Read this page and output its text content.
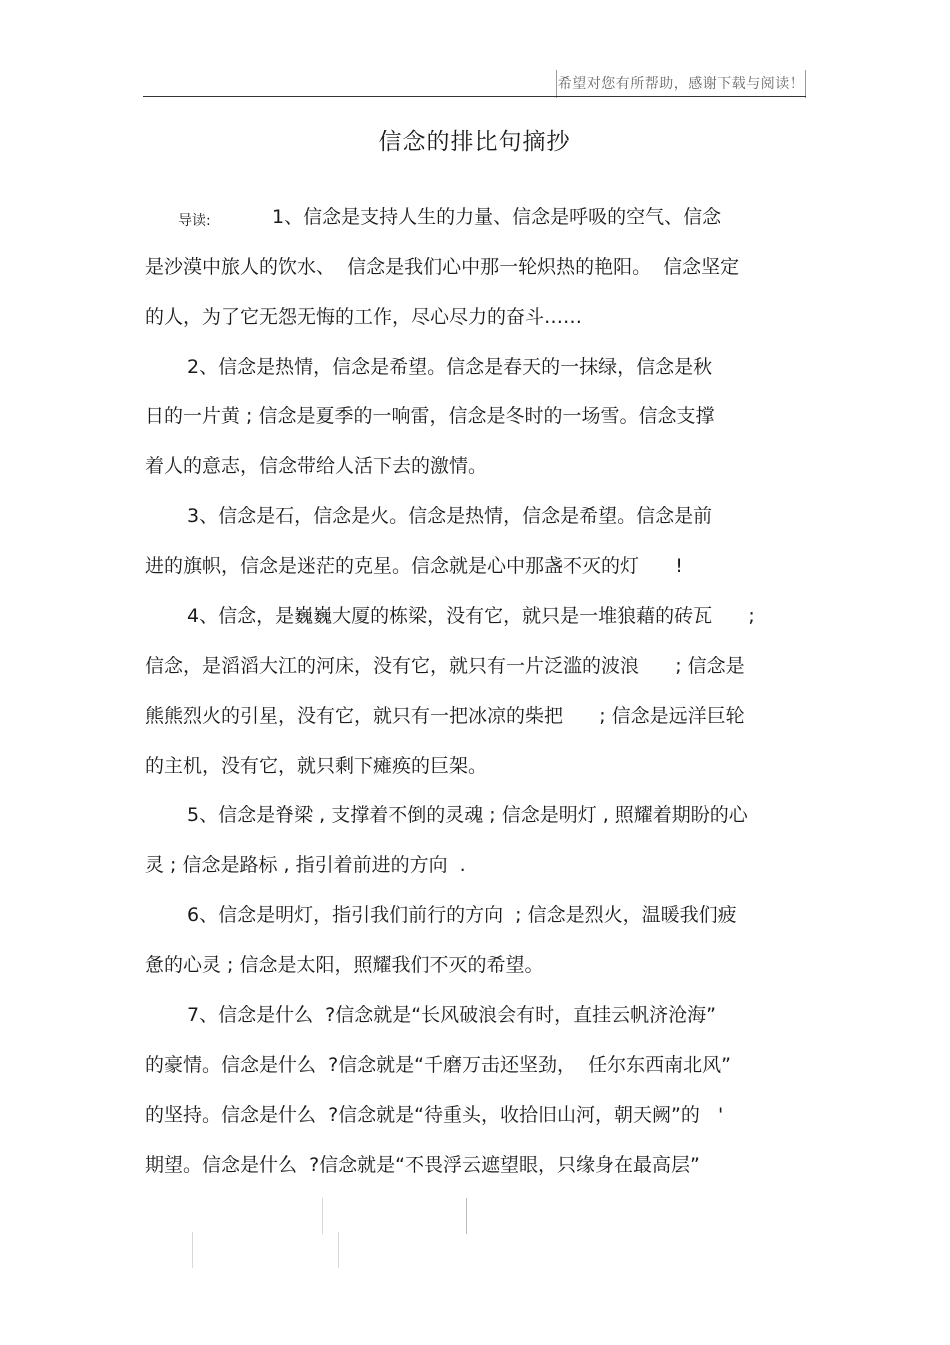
希望对您有所帮助，感谢下载与阅读！
信念的排比句摘抄
导读:	1、信念是支持人生的力量、信念是呼吸的空气、信念

是沙漠中旅人的饮水、  信念是我们心中那一轮炽热的艳阳。  信念坚定

的人，为了它无怨无悔的工作，尽心尽力的奋斗……

2、信念是热情，信念是希望。信念是春天的一抹绿，信念是秋

日的一片黄 ; 信念是夏季的一响雷，信念是冬时的一场雪。信念支撑

着人的意志，信念带给人活下去的激情。

3、信念是石，信念是火。信念是热情，信念是希望。信念是前

进的旗帜，信念是迷茫的克星。信念就是心中那盏不灭的灯      !

4、信念，是巍巍大厦的栋梁，没有它，就只是一堆狼藉的砖瓦      ;

信念，是滔滔大江的河床，没有它，就只有一片泛滥的波浪      ; 信念是

熊熊烈火的引星，没有它，就只有一把冰凉的柴把      ; 信念是远洋巨轮

的主机，没有它，就只剩下瘫痪的巨架。

5、信念是脊梁 , 支撑着不倒的灵魂 ; 信念是明灯 , 照耀着期盼的心

灵 ; 信念是路标 , 指引着前进的方向  .

6、信念是明灯，指引我们前行的方向  ; 信念是烈火，温暖我们疲

惫的心灵 ; 信念是太阳，照耀我们不灭的希望。

7、信念是什么  ?信念就是“长风破浪会有时，直挂云帆济沧海”

的豪情。信念是什么  ?信念就是“千磨万击还坚劲，  任尔东西南北风”

的坚持。信念是什么  ?信念就是“待重头，收拾旧山河，朝天阙”的   '

期望。信念是什么  ?信念就是“不畏浮云遮望眼，只缘身在最高层”
